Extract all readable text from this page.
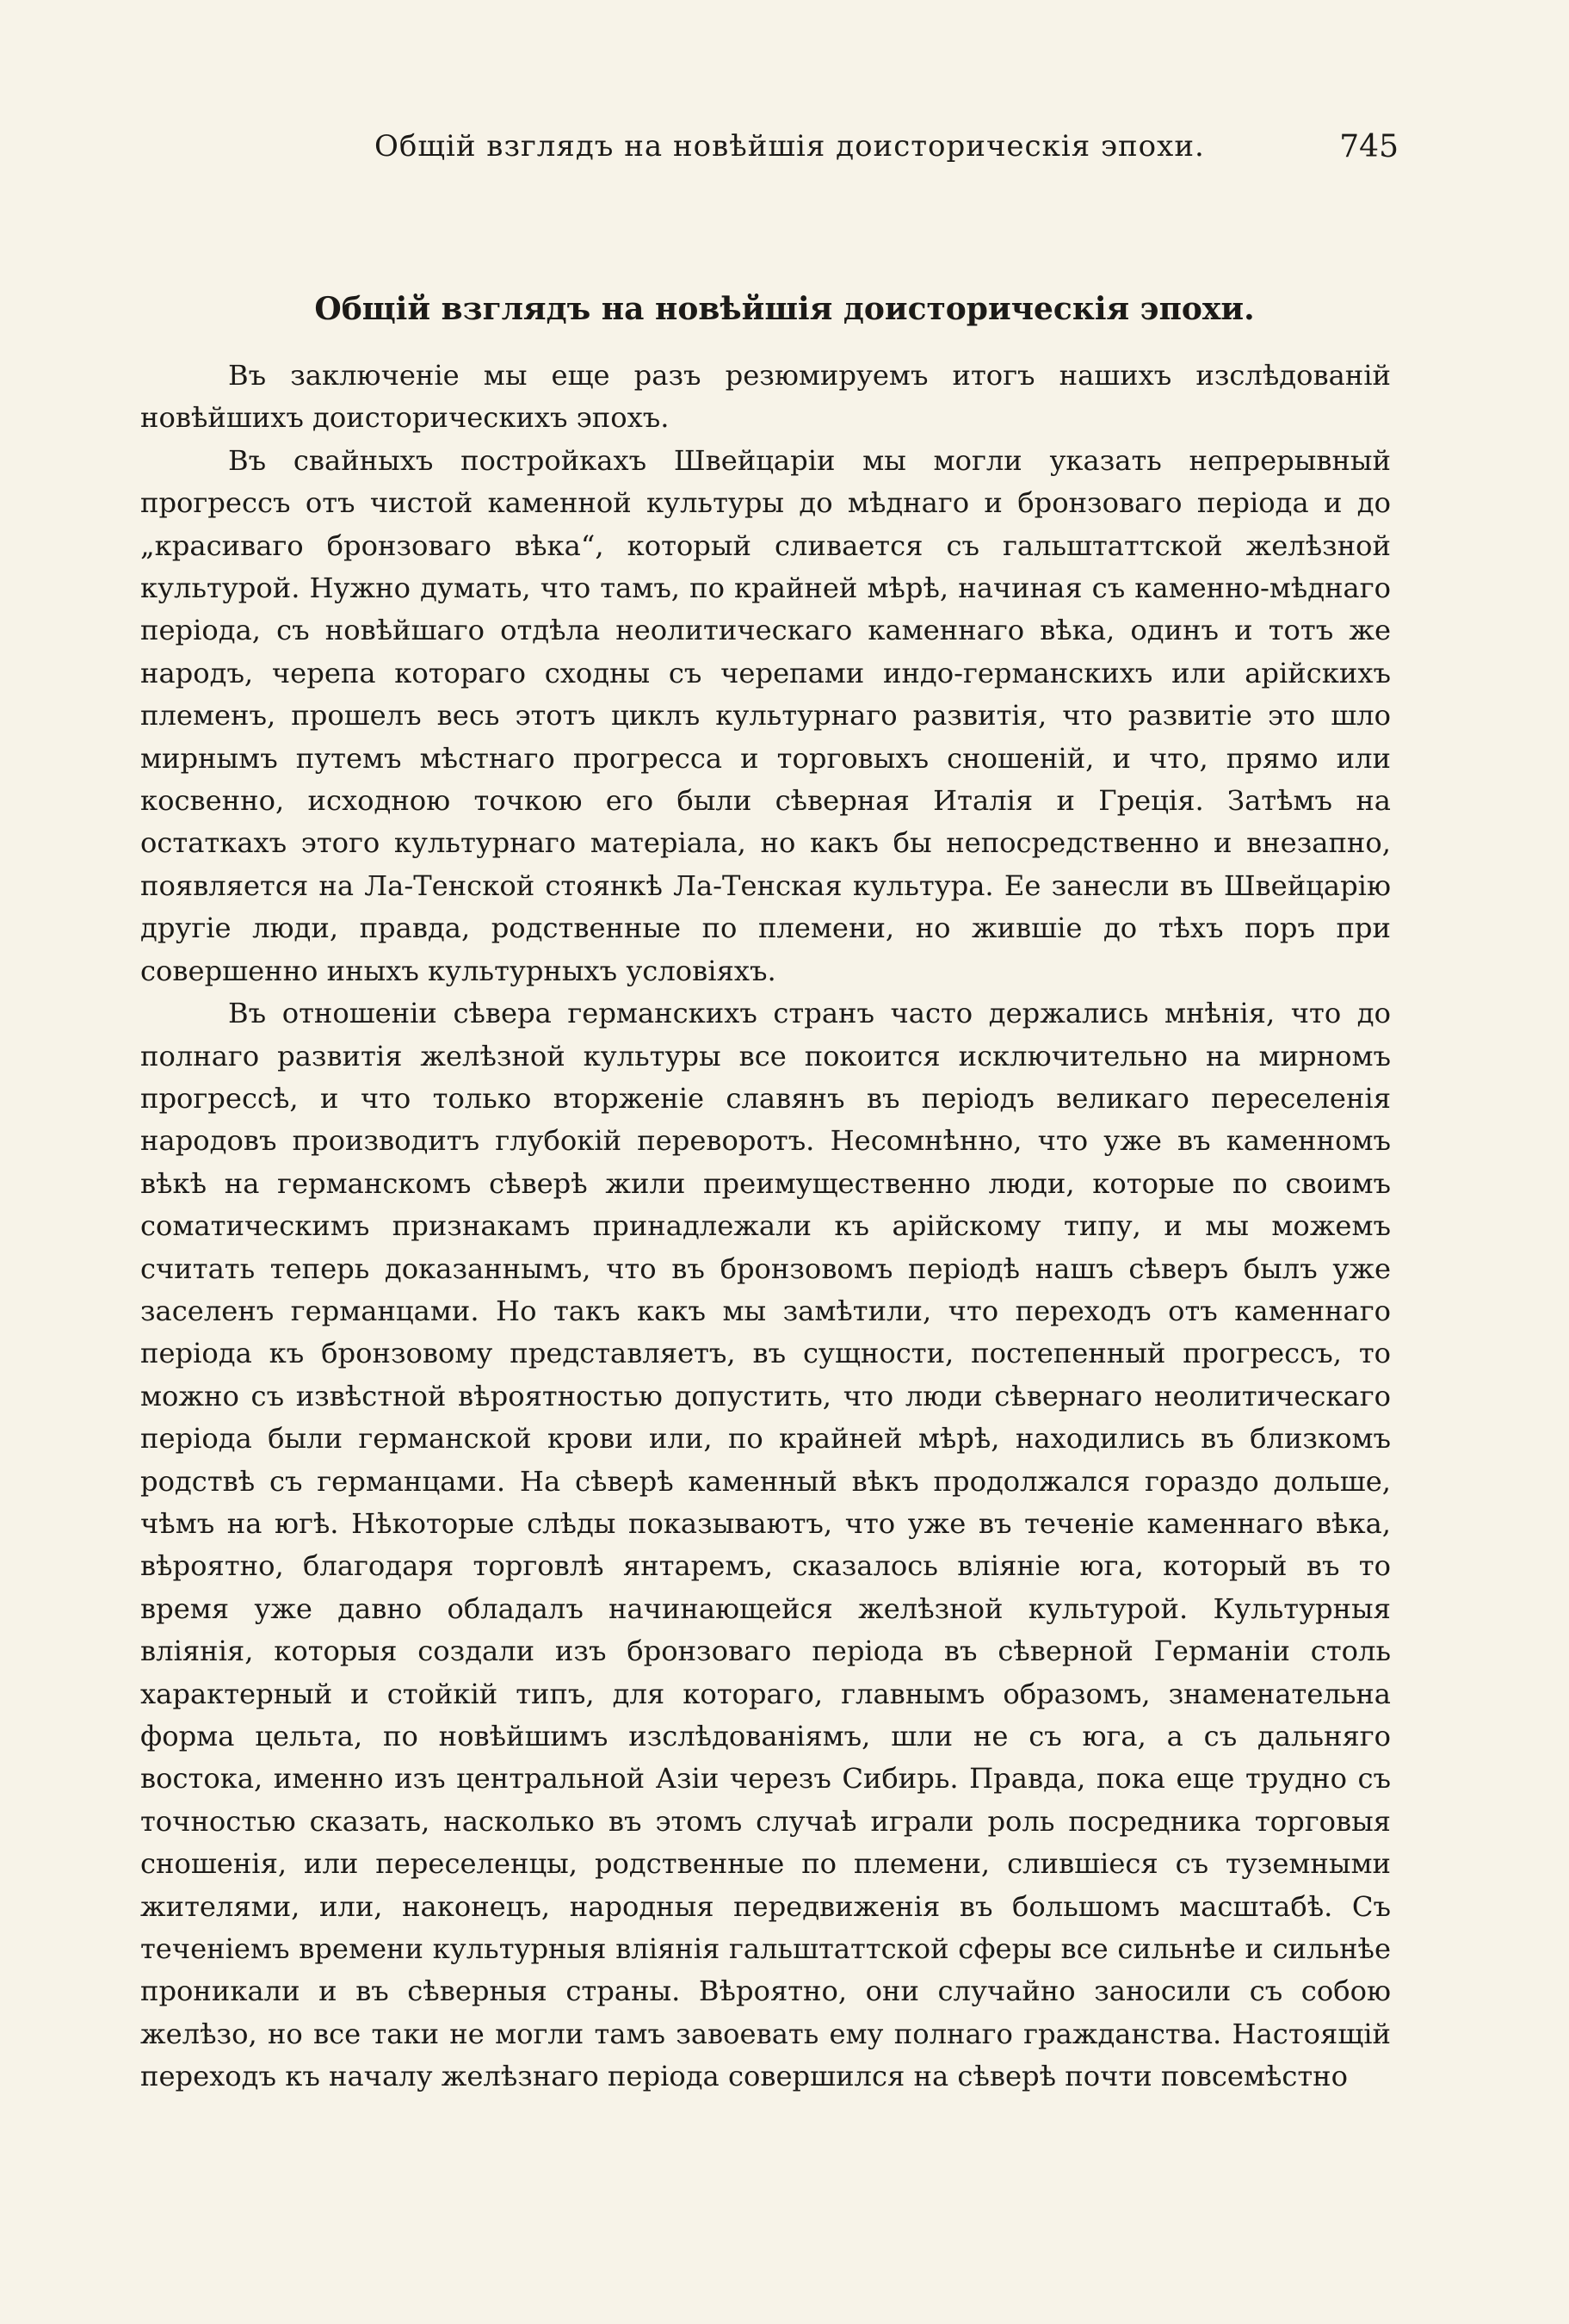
Общій взглядъ на новѣйшія доисторическія эпохи.	745
Общій взглядъ на новѣйшія доисторическія эпохи.

Въ заключеніе мы еще разъ резюмируемъ итогъ нашихъ изслѣдованій новѣйшихъ доисторическихъ эпохъ.

Въ свайныхъ постройкахъ Швейцаріи мы могли указать непрерывный прогрессъ отъ чистой каменной культуры до мѣднаго и бронзоваго періода и до „красиваго бронзоваго вѣка“, который сливается съ гальштаттской желѣзной культурой. Нужно думать, что тамъ, по крайней мѣрѣ, начиная съ каменно-мѣднаго періода, съ новѣйшаго отдѣла неолитическаго каменнаго вѣка, одинъ и тотъ же народъ, черепа котораго сходны съ черепами индо-германскихъ или арійскихъ племенъ, прошелъ весь этотъ циклъ культурнаго развитія, что развитіе это шло мирнымъ путемъ мѣстнаго прогресса и торговыхъ сношеній, и что, прямо или косвенно, исходною точкою его были сѣверная Италія и Греція. Затѣмъ на остаткахъ этого культурнаго матеріала, но какъ бы непосредственно и внезапно, появляется на Ла-Тенской стоянкѣ Ла-Тенская культура. Ее занесли въ Швейцарію другіе люди, правда, родственные по племени, но жившіе до тѣхъ поръ при совершенно иныхъ культурныхъ условіяхъ.

Въ отношеніи сѣвера германскихъ странъ часто держались мнѣнія, что до полнаго развитія желѣзной культуры все покоится исключительно на мирномъ прогрессѣ, и что только вторженіе славянъ въ періодъ великаго переселенія народовъ производитъ глубокій переворотъ. Несомнѣнно, что уже въ каменномъ вѣкѣ на германскомъ сѣверѣ жили преимущественно люди, которые по своимъ соматическимъ признакамъ принадлежали къ арійскому типу, и мы можемъ считать теперь доказаннымъ, что въ бронзовомъ періодѣ нашъ сѣверъ былъ уже заселенъ германцами. Но такъ какъ мы замѣтили, что переходъ отъ каменнаго періода къ бронзовому представляетъ, въ сущности, постепенный прогрессъ, то можно съ извѣстной вѣроятностью допустить, что люди сѣвернаго неолитическаго періода были германской крови или, по крайней мѣрѣ, находились въ близкомъ родствѣ съ германцами. На сѣверѣ каменный вѣкъ продолжался гораздо дольше, чѣмъ на югѣ. Нѣкоторые слѣды показываютъ, что уже въ теченіе каменнаго вѣка, вѣроятно, благодаря торговлѣ янтаремъ, сказалось вліяніе юга, который въ то время уже давно обладалъ начинающейся желѣзной культурой. Культурныя вліянія, которыя создали изъ бронзоваго періода въ сѣверной Германіи столь характерный и стойкій типъ, для котораго, главнымъ образомъ, знаменательна форма цельта, по новѣйшимъ изслѣдованіямъ, шли не съ юга, а съ дальняго востока, именно изъ центральной Азіи черезъ Сибирь. Правда, пока еще трудно съ точностью сказать, насколько въ этомъ случаѣ играли роль посредника торговыя сношенія, или переселенцы, родственные по племени, слившіеся съ туземными жителями, или, наконецъ, народныя передвиженія въ большомъ масштабѣ. Съ теченіемъ времени культурныя вліянія гальштаттской сферы все сильнѣе и сильнѣе проникали и въ сѣверныя страны. Вѣроятно, они случайно заносили съ собою желѣзо, но все таки не могли тамъ завоевать ему полнаго гражданства. Настоящій переходъ къ началу желѣзнаго періода совершился на сѣверѣ почти повсемѣстно
